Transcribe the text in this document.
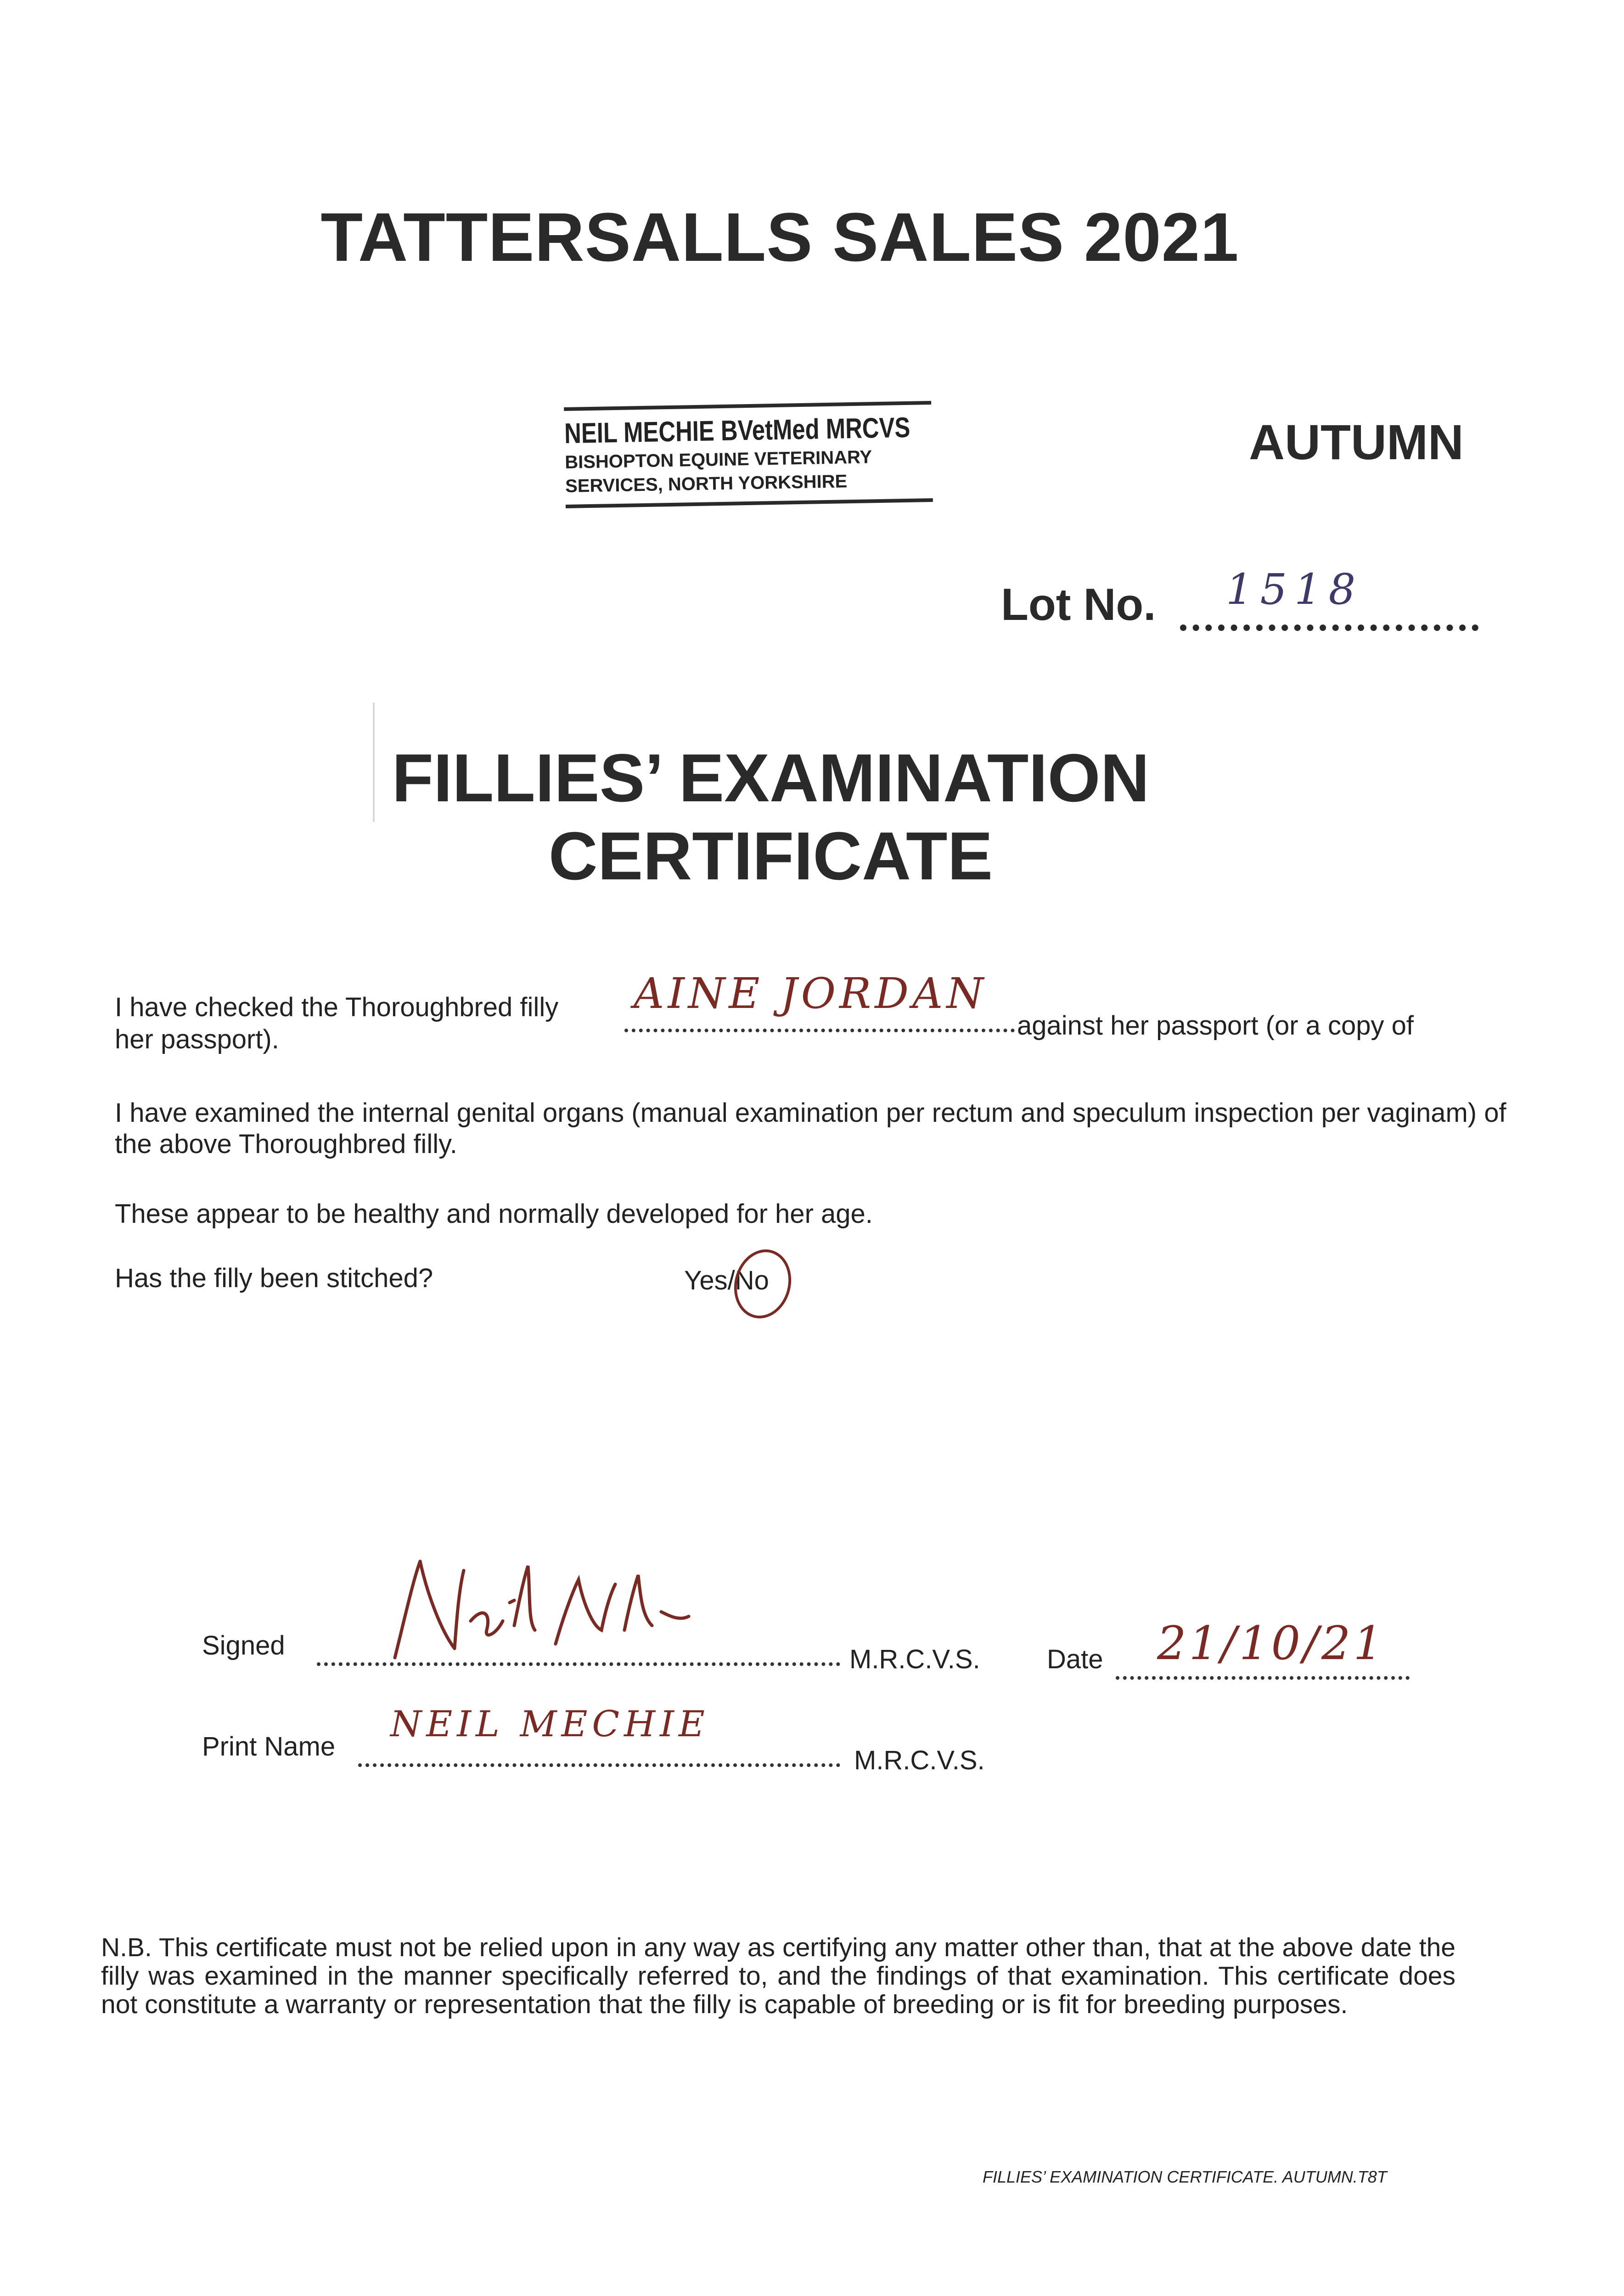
TATTERSALLS SALES 2021
NEIL MECHIE BVetMed MRCVS
BISHOPTON EQUINE VETERINARY
SERVICES, NORTH YORKSHIRE
AUTUMN
Lot No. 1518
FILLIES’ EXAMINATION
CERTIFICATE
I have checked the Thoroughbred filly AINE JORDAN
against her passport (or a copy of
her passport).
I have examined the internal genital organs (manual examination per rectum and speculum inspection per vaginam) of the above Thoroughbred filly.
These appear to be healthy and normally developed for her age.
Has the filly been stitched?	Yes/No
Signed	M.R.C.V.S.	Date 21/10/21
Print Name
NEIL MECHIE
M.R.C.V.S.
N.B. This certificate must not be relied upon in any way as certifying any matter other than, that at the above date the filly was examined in the manner specifically referred to, and the findings of that examination. This certificate does not constitute a warranty or representation that the filly is capable of breeding or is fit for breeding purposes.
FILLIES’ EXAMINATION CERTIFICATE. AUTUMN.T8T
